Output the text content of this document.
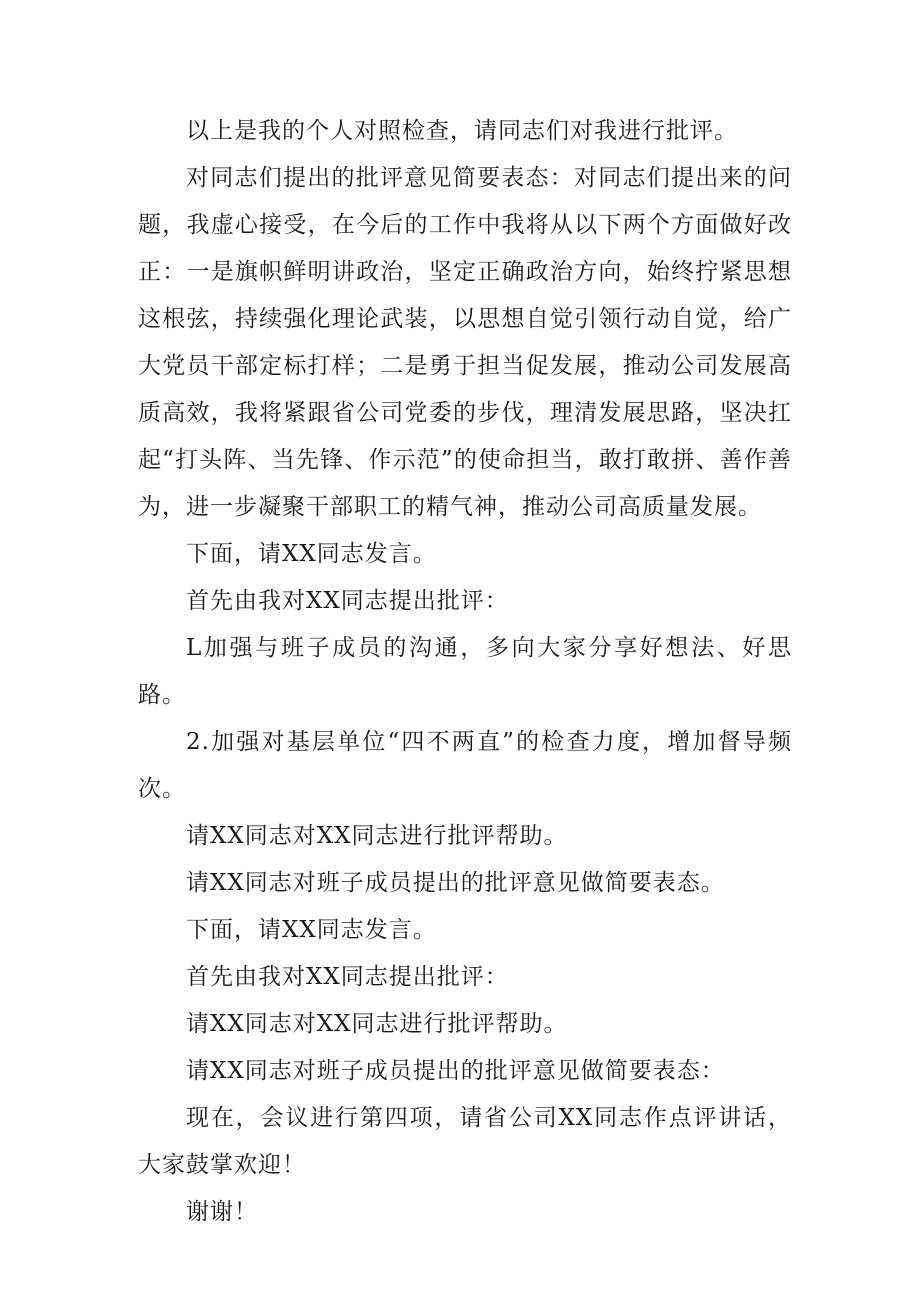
以上是我的个人对照检查，请同志们对我进行批评。

对同志们提出的批评意见简要表态：对同志们提出来的问题，我虚心接受，在今后的工作中我将从以下两个方面做好改正：一是旗帜鲜明讲政治，坚定正确政治方向，始终拧紧思想这根弦，持续强化理论武装，以思想自觉引领行动自觉，给广大党员干部定标打样；二是勇于担当促发展，推动公司发展高质高效，我将紧跟省公司党委的步伐，理清发展思路，坚决扛起“打头阵、当先锋、作示范”的使命担当，敢打敢拼、善作善为，进一步凝聚干部职工的精气神，推动公司高质量发展。

下面，请XX同志发言。

首先由我对XX同志提出批评：

L加强与班子成员的沟通，多向大家分享好想法、好思路。

2.加强对基层单位“四不两直”的检查力度，增加督导频次。

请XX同志对XX同志进行批评帮助。

请XX同志对班子成员提出的批评意见做简要表态。

下面，请XX同志发言。

首先由我对XX同志提出批评：

请XX同志对XX同志进行批评帮助。

请XX同志对班子成员提出的批评意见做简要表态：

现在，会议进行第四项，请省公司XX同志作点评讲话，大家鼓掌欢迎！

谢谢！
